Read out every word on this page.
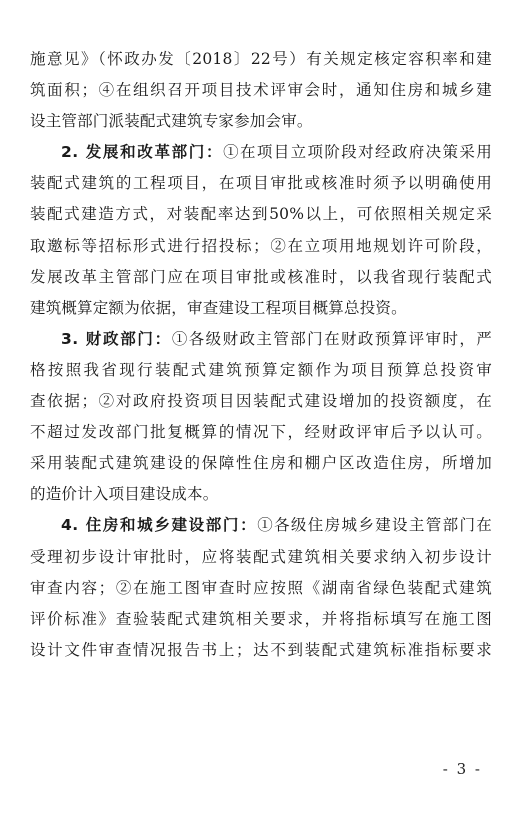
施意见》（怀政办发〔2018〕22号）有关规定核定容积率和建
筑面积；④在组织召开项目技术评审会时，通知住房和城乡建
设主管部门派装配式建筑专家参加会审。
2. 发展和改革部门：①在项目立项阶段对经政府决策采用
装配式建筑的工程项目，在项目审批或核准时须予以明确使用
装配式建造方式，对装配率达到50%以上，可依照相关规定采
取邀标等招标形式进行招投标；②在立项用地规划许可阶段，
发展改革主管部门应在项目审批或核准时，以我省现行装配式
建筑概算定额为依据，审查建设工程项目概算总投资。
3. 财政部门：①各级财政主管部门在财政预算评审时，严
格按照我省现行装配式建筑预算定额作为项目预算总投资审
查依据；②对政府投资项目因装配式建设增加的投资额度，在
不超过发改部门批复概算的情况下，经财政评审后予以认可。
采用装配式建筑建设的保障性住房和棚户区改造住房，所增加
的造价计入项目建设成本。
4. 住房和城乡建设部门：①各级住房城乡建设主管部门在
受理初步设计审批时，应将装配式建筑相关要求纳入初步设计
审查内容；②在施工图审查时应按照《湖南省绿色装配式建筑
评价标准》查验装配式建筑相关要求，并将指标填写在施工图
设计文件审查情况报告书上；达不到装配式建筑标准指标要求
- 3 -
